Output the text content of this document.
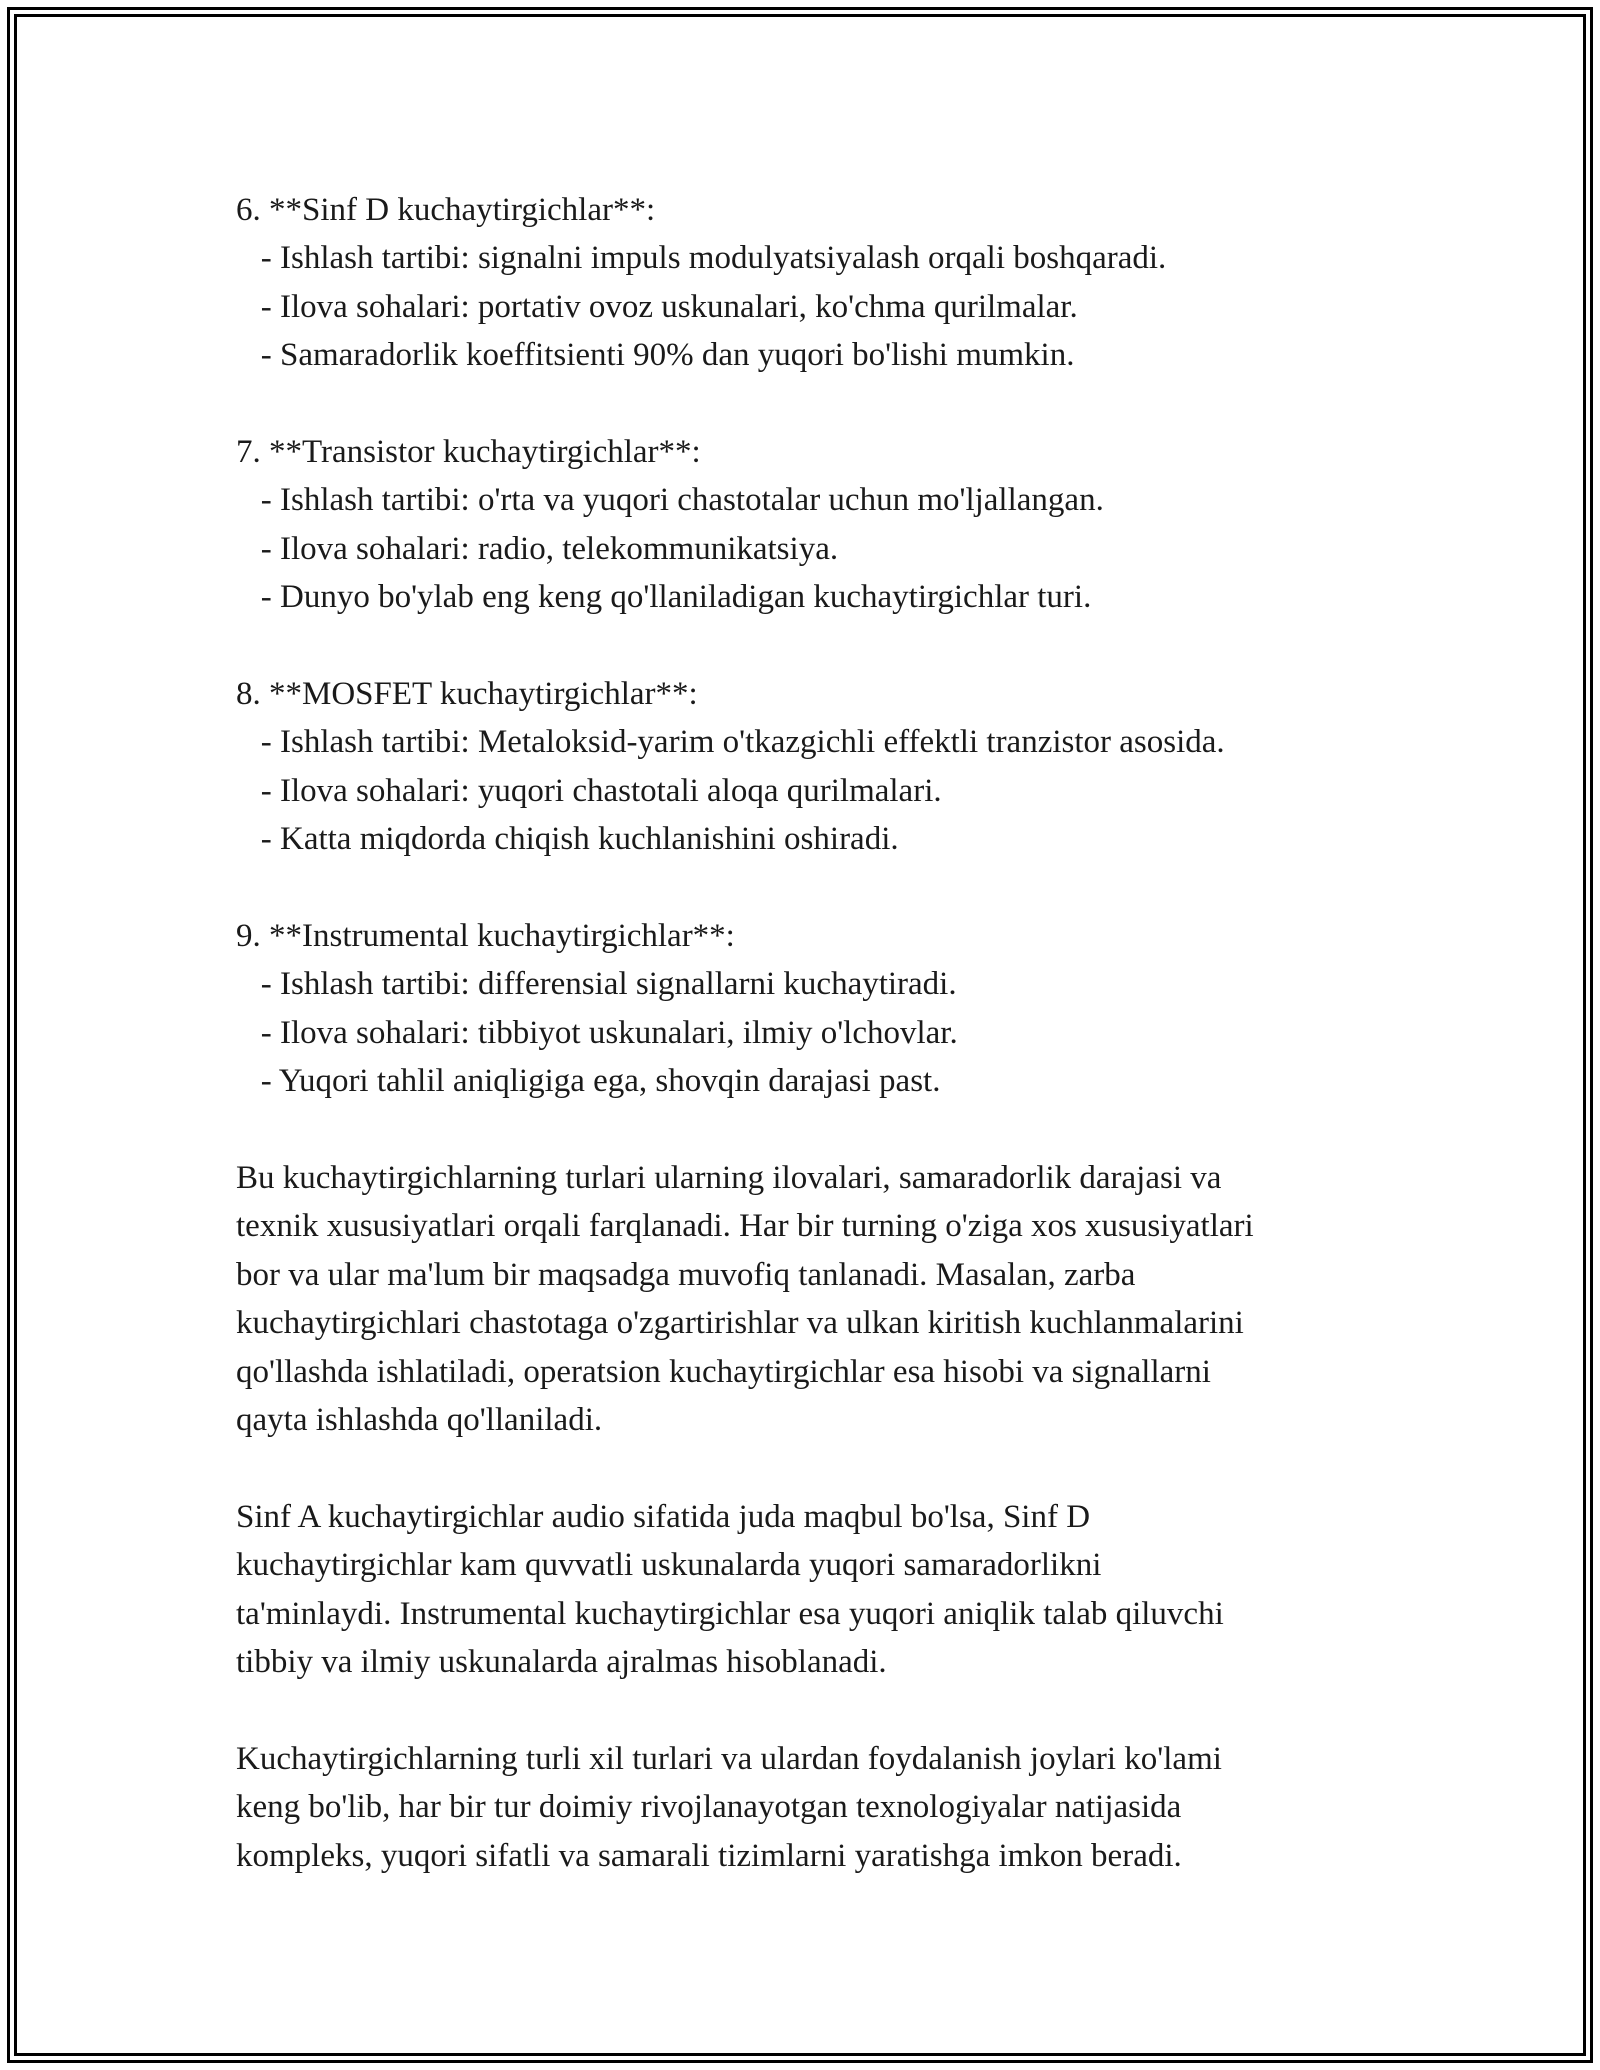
6. **Sinf D kuchaytirgichlar**:
- Ishlash tartibi: signalni impuls modulyatsiyalash orqali boshqaradi.
- Ilova sohalari: portativ ovoz uskunalari, ko'chma qurilmalar.
- Samaradorlik koeffitsienti 90% dan yuqori bo'lishi mumkin.
7. **Transistor kuchaytirgichlar**:
- Ishlash tartibi: o'rta va yuqori chastotalar uchun mo'ljallangan.
- Ilova sohalari: radio, telekommunikatsiya.
- Dunyo bo'ylab eng keng qo'llaniladigan kuchaytirgichlar turi.
8. **MOSFET kuchaytirgichlar**:
- Ishlash tartibi: Metaloksid-yarim o'tkazgichli effektli tranzistor asosida.
- Ilova sohalari: yuqori chastotali aloqa qurilmalari.
- Katta miqdorda chiqish kuchlanishini oshiradi.
9. **Instrumental kuchaytirgichlar**:
- Ishlash tartibi: differensial signallarni kuchaytiradi.
- Ilova sohalari: tibbiyot uskunalari, ilmiy o'lchovlar.
- Yuqori tahlil aniqligiga ega, shovqin darajasi past.
Bu kuchaytirgichlarning turlari ularning ilovalari, samaradorlik darajasi va
texnik xususiyatlari orqali farqlanadi. Har bir turning o'ziga xos xususiyatlari
bor va ular ma'lum bir maqsadga muvofiq tanlanadi. Masalan, zarba
kuchaytirgichlari chastotaga o'zgartirishlar va ulkan kiritish kuchlanmalarini
qo'llashda ishlatiladi, operatsion kuchaytirgichlar esa hisobi va signallarni
qayta ishlashda qo'llaniladi.
Sinf A kuchaytirgichlar audio sifatida juda maqbul bo'lsa, Sinf D
kuchaytirgichlar kam quvvatli uskunalarda yuqori samaradorlikni
ta'minlaydi. Instrumental kuchaytirgichlar esa yuqori aniqlik talab qiluvchi
tibbiy va ilmiy uskunalarda ajralmas hisoblanadi.
Kuchaytirgichlarning turli xil turlari va ulardan foydalanish joylari ko'lami
keng bo'lib, har bir tur doimiy rivojlanayotgan texnologiyalar natijasida
kompleks, yuqori sifatli va samarali tizimlarni yaratishga imkon beradi.
